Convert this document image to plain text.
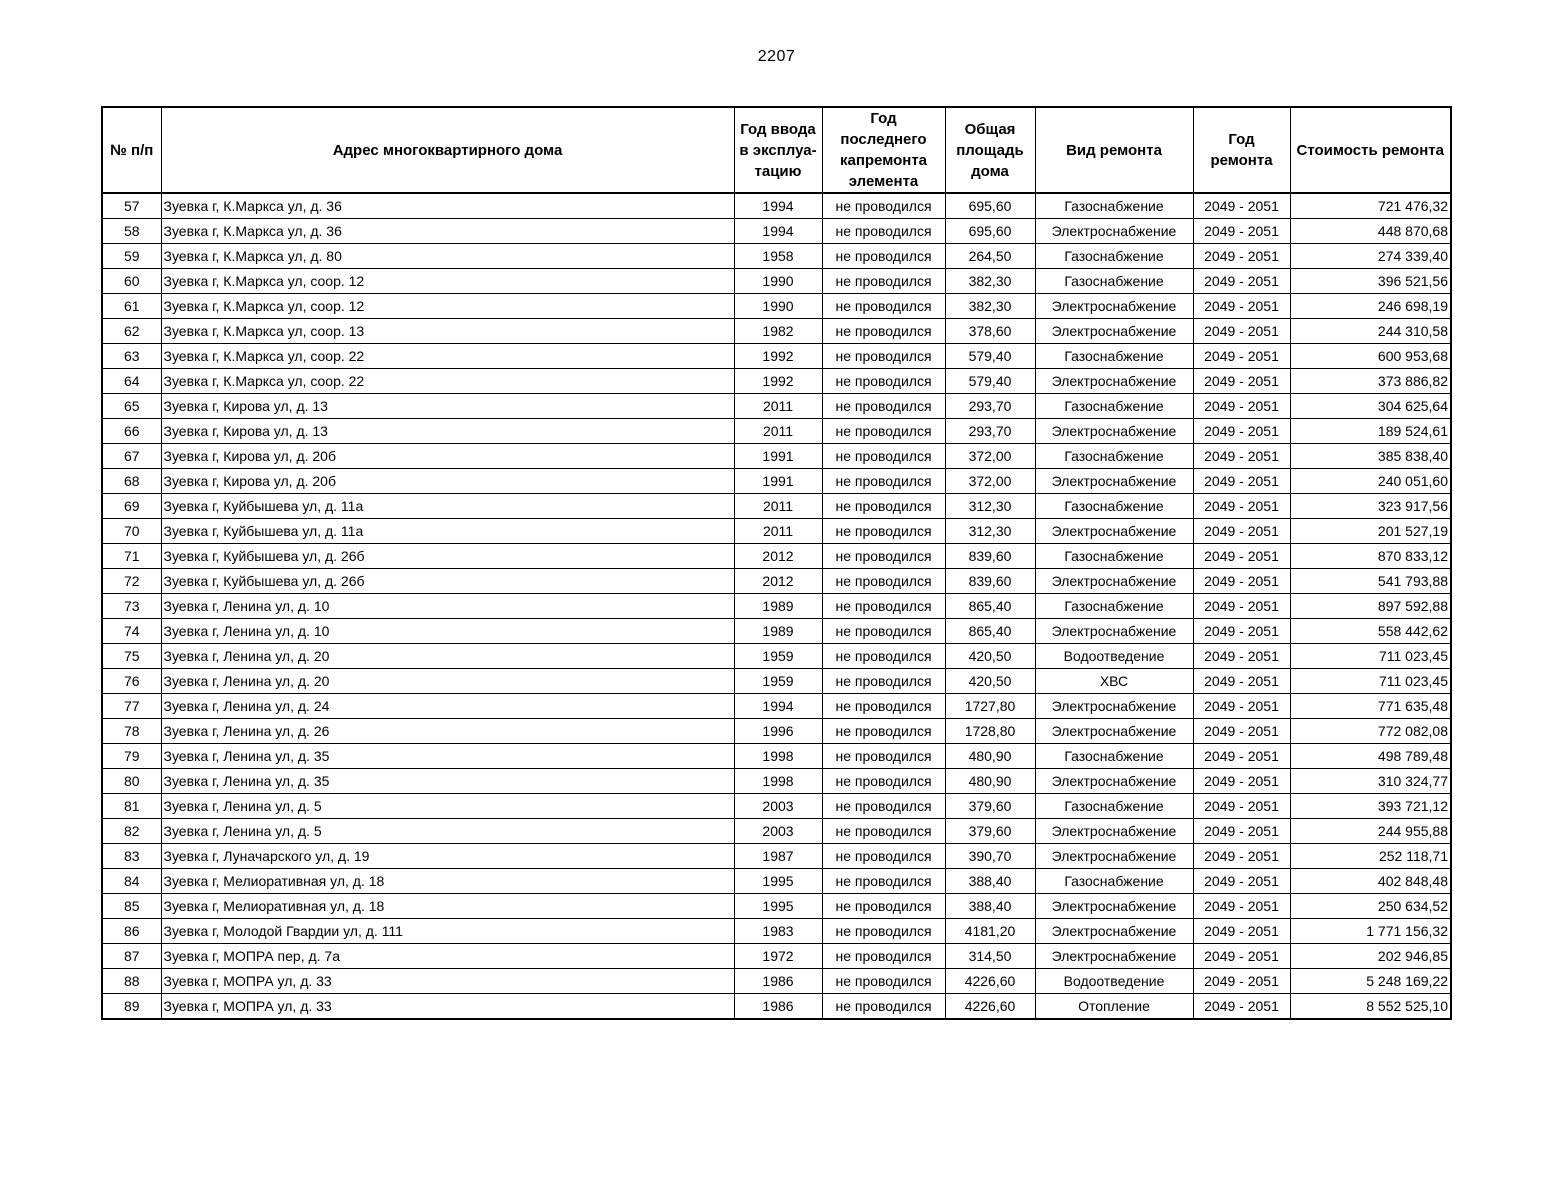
2207
№ п/п	Адрес многоквартирного дома	Год ввода в эксплуа-тацию	Год последнего капремонта элемента	Общая площадь дома	Вид ремонта	Год ремонта	Стоимость ремонта
57	Зуевка г, К.Маркса ул, д. 36	1994	не проводился	695,60	Газоснабжение	2049 - 2051	721 476,32
58	Зуевка г, К.Маркса ул, д. 36	1994	не проводился	695,60	Электроснабжение	2049 - 2051	448 870,68
59	Зуевка г, К.Маркса ул, д. 80	1958	не проводился	264,50	Газоснабжение	2049 - 2051	274 339,40
60	Зуевка г, К.Маркса ул, соор. 12	1990	не проводился	382,30	Газоснабжение	2049 - 2051	396 521,56
61	Зуевка г, К.Маркса ул, соор. 12	1990	не проводился	382,30	Электроснабжение	2049 - 2051	246 698,19
62	Зуевка г, К.Маркса ул, соор. 13	1982	не проводился	378,60	Электроснабжение	2049 - 2051	244 310,58
63	Зуевка г, К.Маркса ул, соор. 22	1992	не проводился	579,40	Газоснабжение	2049 - 2051	600 953,68
64	Зуевка г, К.Маркса ул, соор. 22	1992	не проводился	579,40	Электроснабжение	2049 - 2051	373 886,82
65	Зуевка г, Кирова ул, д. 13	2011	не проводился	293,70	Газоснабжение	2049 - 2051	304 625,64
66	Зуевка г, Кирова ул, д. 13	2011	не проводился	293,70	Электроснабжение	2049 - 2051	189 524,61
67	Зуевка г, Кирова ул, д. 20б	1991	не проводился	372,00	Газоснабжение	2049 - 2051	385 838,40
68	Зуевка г, Кирова ул, д. 20б	1991	не проводился	372,00	Электроснабжение	2049 - 2051	240 051,60
69	Зуевка г, Куйбышева ул, д. 11а	2011	не проводился	312,30	Газоснабжение	2049 - 2051	323 917,56
70	Зуевка г, Куйбышева ул, д. 11а	2011	не проводился	312,30	Электроснабжение	2049 - 2051	201 527,19
71	Зуевка г, Куйбышева ул, д. 26б	2012	не проводился	839,60	Газоснабжение	2049 - 2051	870 833,12
72	Зуевка г, Куйбышева ул, д. 26б	2012	не проводился	839,60	Электроснабжение	2049 - 2051	541 793,88
73	Зуевка г, Ленина ул, д. 10	1989	не проводился	865,40	Газоснабжение	2049 - 2051	897 592,88
74	Зуевка г, Ленина ул, д. 10	1989	не проводился	865,40	Электроснабжение	2049 - 2051	558 442,62
75	Зуевка г, Ленина ул, д. 20	1959	не проводился	420,50	Водоотведение	2049 - 2051	711 023,45
76	Зуевка г, Ленина ул, д. 20	1959	не проводился	420,50	ХВС	2049 - 2051	711 023,45
77	Зуевка г, Ленина ул, д. 24	1994	не проводился	1727,80	Электроснабжение	2049 - 2051	771 635,48
78	Зуевка г, Ленина ул, д. 26	1996	не проводился	1728,80	Электроснабжение	2049 - 2051	772 082,08
79	Зуевка г, Ленина ул, д. 35	1998	не проводился	480,90	Газоснабжение	2049 - 2051	498 789,48
80	Зуевка г, Ленина ул, д. 35	1998	не проводился	480,90	Электроснабжение	2049 - 2051	310 324,77
81	Зуевка г, Ленина ул, д. 5	2003	не проводился	379,60	Газоснабжение	2049 - 2051	393 721,12
82	Зуевка г, Ленина ул, д. 5	2003	не проводился	379,60	Электроснабжение	2049 - 2051	244 955,88
83	Зуевка г, Луначарского ул, д. 19	1987	не проводился	390,70	Электроснабжение	2049 - 2051	252 118,71
84	Зуевка г, Мелиоративная ул, д. 18	1995	не проводился	388,40	Газоснабжение	2049 - 2051	402 848,48
85	Зуевка г, Мелиоративная ул, д. 18	1995	не проводился	388,40	Электроснабжение	2049 - 2051	250 634,52
86	Зуевка г, Молодой Гвардии ул, д. 111	1983	не проводился	4181,20	Электроснабжение	2049 - 2051	1 771 156,32
87	Зуевка г, МОПРА пер, д. 7а	1972	не проводился	314,50	Электроснабжение	2049 - 2051	202 946,85
88	Зуевка г, МОПРА ул, д. 33	1986	не проводился	4226,60	Водоотведение	2049 - 2051	5 248 169,22
89	Зуевка г, МОПРА ул, д. 33	1986	не проводился	4226,60	Отопление	2049 - 2051	8 552 525,10
